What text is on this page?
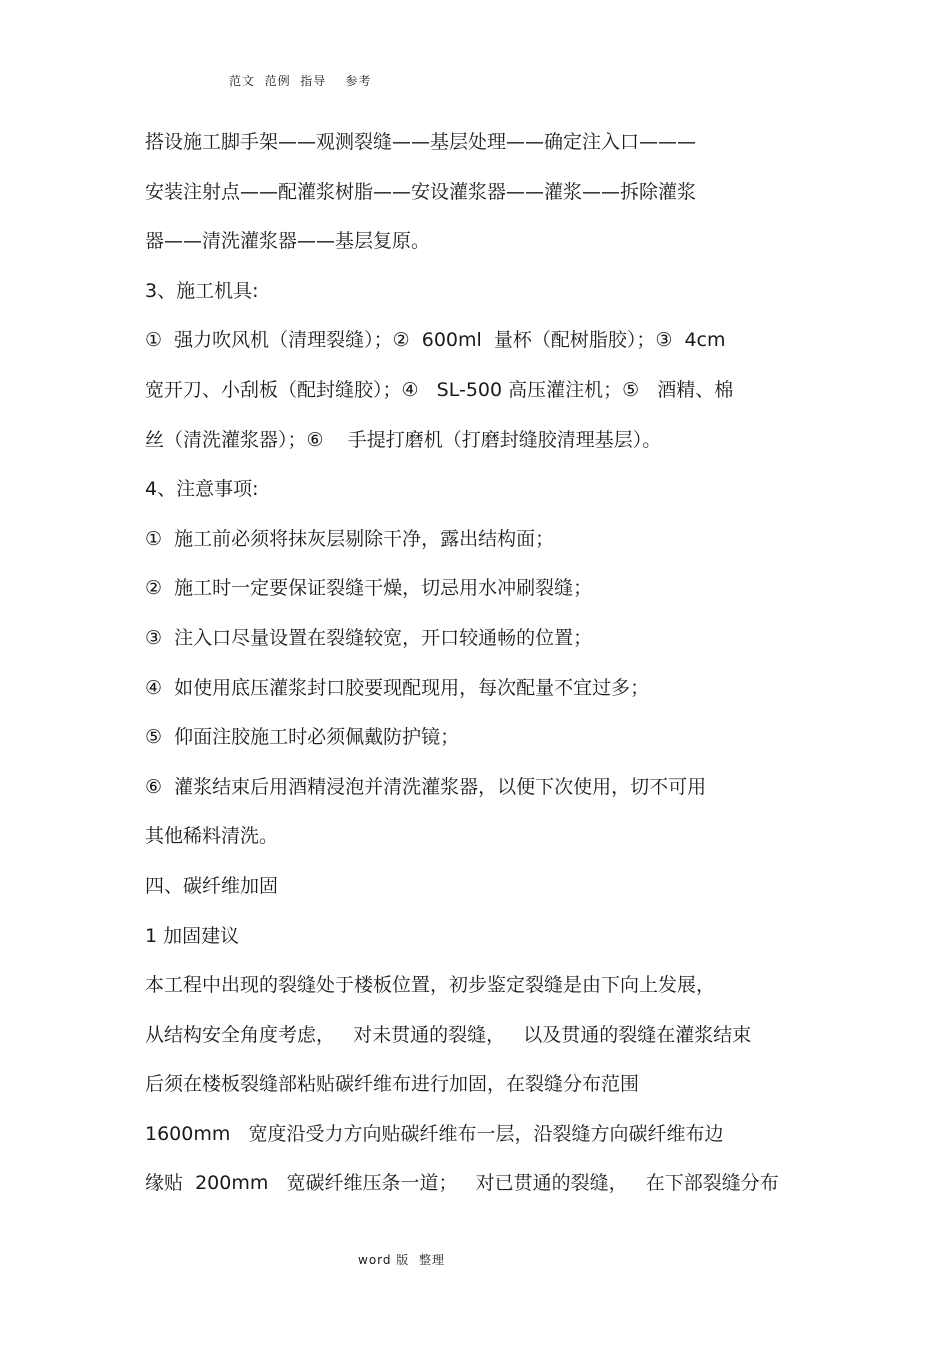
范文  范例  指导    参考
搭设施工脚手架——观测裂缝——基层处理——确定注入口———
安装注射点——配灌浆树脂——安设灌浆器——灌浆——拆除灌浆
器——清洗灌浆器——基层复原。
3、施工机具:
①  强力吹风机（清理裂缝）；②  600ml  量杯（配树脂胶）；③  4cm
宽开刀、小刮板（配封缝胶）；④   SL-500 高压灌注机；⑤   酒精、棉
丝（清洗灌浆器）；⑥    手提打磨机（打磨封缝胶清理基层）。
4、注意事项:
①  施工前必须将抹灰层剔除干净，露出结构面；
②  施工时一定要保证裂缝干燥，切忌用水冲刷裂缝；
③  注入口尽量设置在裂缝较宽，开口较通畅的位置；
④  如使用底压灌浆封口胶要现配现用，每次配量不宜过多；
⑤  仰面注胶施工时必须佩戴防护镜；
⑥  灌浆结束后用酒精浸泡并清洗灌浆器，以便下次使用，切不可用
其他稀料清洗。
四、碳纤维加固
1 加固建议
本工程中出现的裂缝处于楼板位置，初步鉴定裂缝是由下向上发展，
从结构安全角度考虑，   对未贯通的裂缝，   以及贯通的裂缝在灌浆结束
后须在楼板裂缝部粘贴碳纤维布进行加固，在裂缝分布范围
1600mm   宽度沿受力方向贴碳纤维布一层，沿裂缝方向碳纤维布边
缘贴  200mm   宽碳纤维压条一道；   对已贯通的裂缝，   在下部裂缝分布
word 版  整理
